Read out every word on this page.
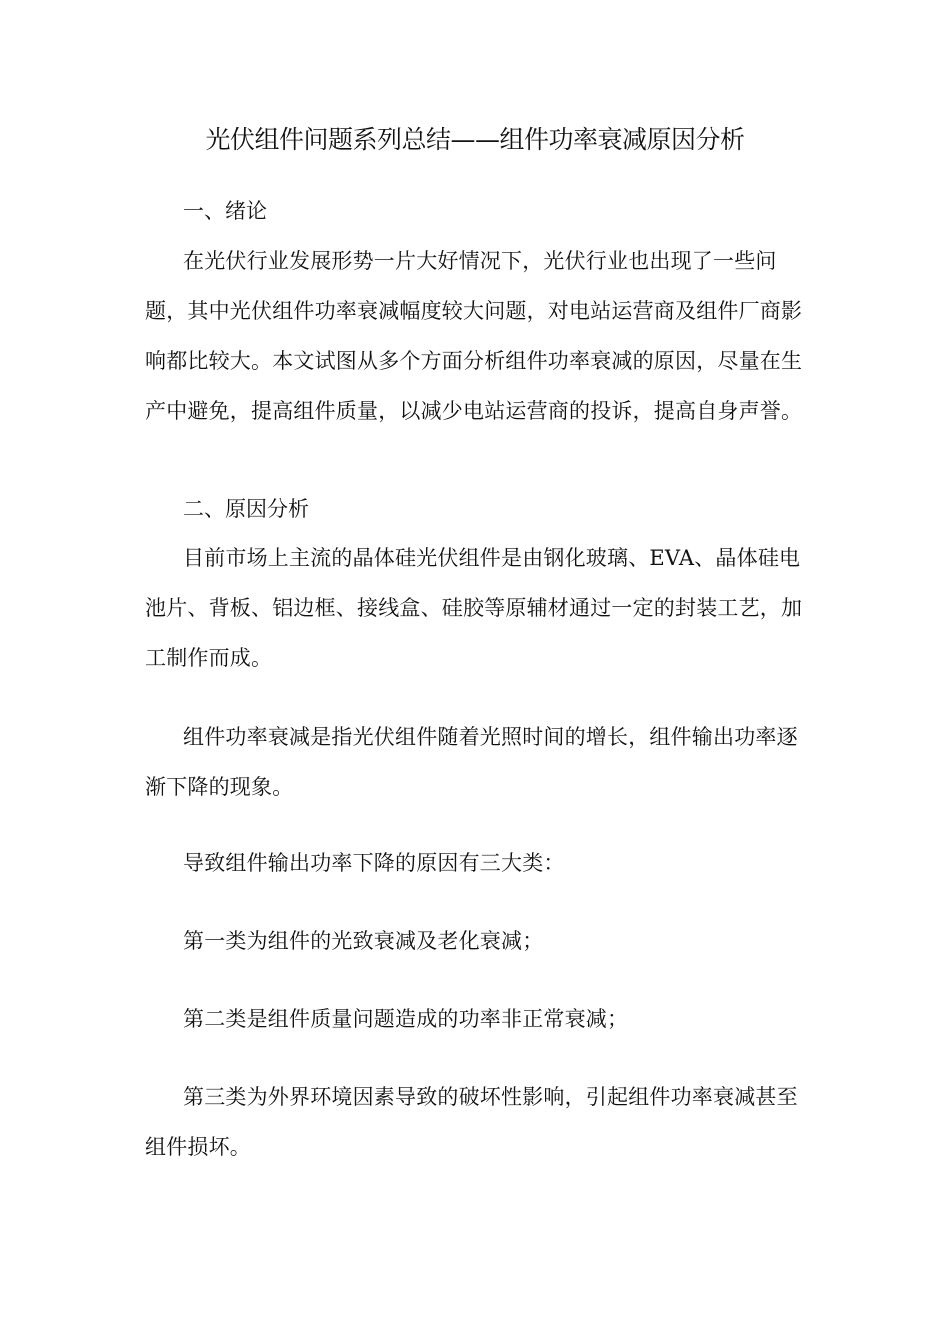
光伏组件问题系列总结——组件功率衰减原因分析
一、绪论

在光伏行业发展形势一片大好情况下，光伏行业也出现了一些问题，其中光伏组件功率衰减幅度较大问题，对电站运营商及组件厂商影响都比较大。本文试图从多个方面分析组件功率衰减的原因，尽量在生产中避免，提高组件质量，以减少电站运营商的投诉，提高自身声誉。

二、原因分析

目前市场上主流的晶体硅光伏组件是由钢化玻璃、EVA、晶体硅电池片、背板、铝边框、接线盒、硅胶等原辅材通过一定的封装工艺，加工制作而成。

组件功率衰减是指光伏组件随着光照时间的增长，组件输出功率逐渐下降的现象。

导致组件输出功率下降的原因有三大类：

第一类为组件的光致衰减及老化衰减；

第二类是组件质量问题造成的功率非正常衰减；

第三类为外界环境因素导致的破坏性影响，引起组件功率衰减甚至组件损坏。
